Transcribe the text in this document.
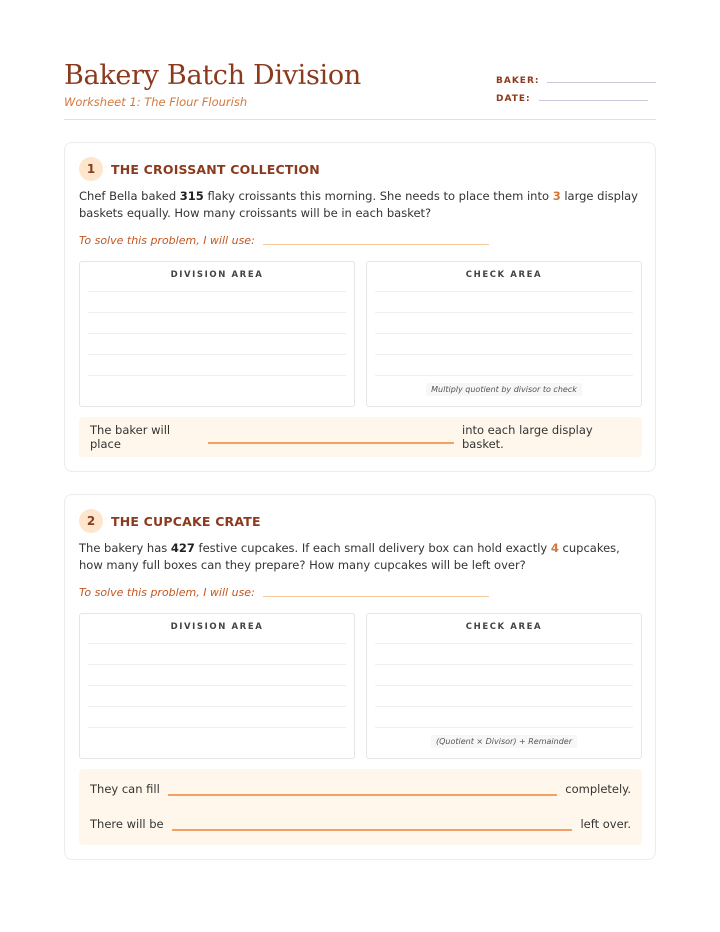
Bakery Batch Division
Worksheet 1: The Flour Flourish
BAKER:
DATE:
1	THE CROISSANT COLLECTION
Chef Bella baked 315 flaky croissants this morning. She needs to place them into 3 large display baskets equally. How many croissants will be in each basket?
To solve this problem, I will use:
DIVISION AREA	CHECK AREA
Multiply quotient by divisor to check
The baker will place
into each large display basket.
2	THE CUPCAKE CRATE
The bakery has 427 festive cupcakes. If each small delivery box can hold exactly 4 cupcakes, how many full boxes can they prepare? How many cupcakes will be left over?
To solve this problem, I will use:
DIVISION AREA	CHECK AREA
(Quotient × Divisor) + Remainder
They can fill	completely.
There will be	left over.
